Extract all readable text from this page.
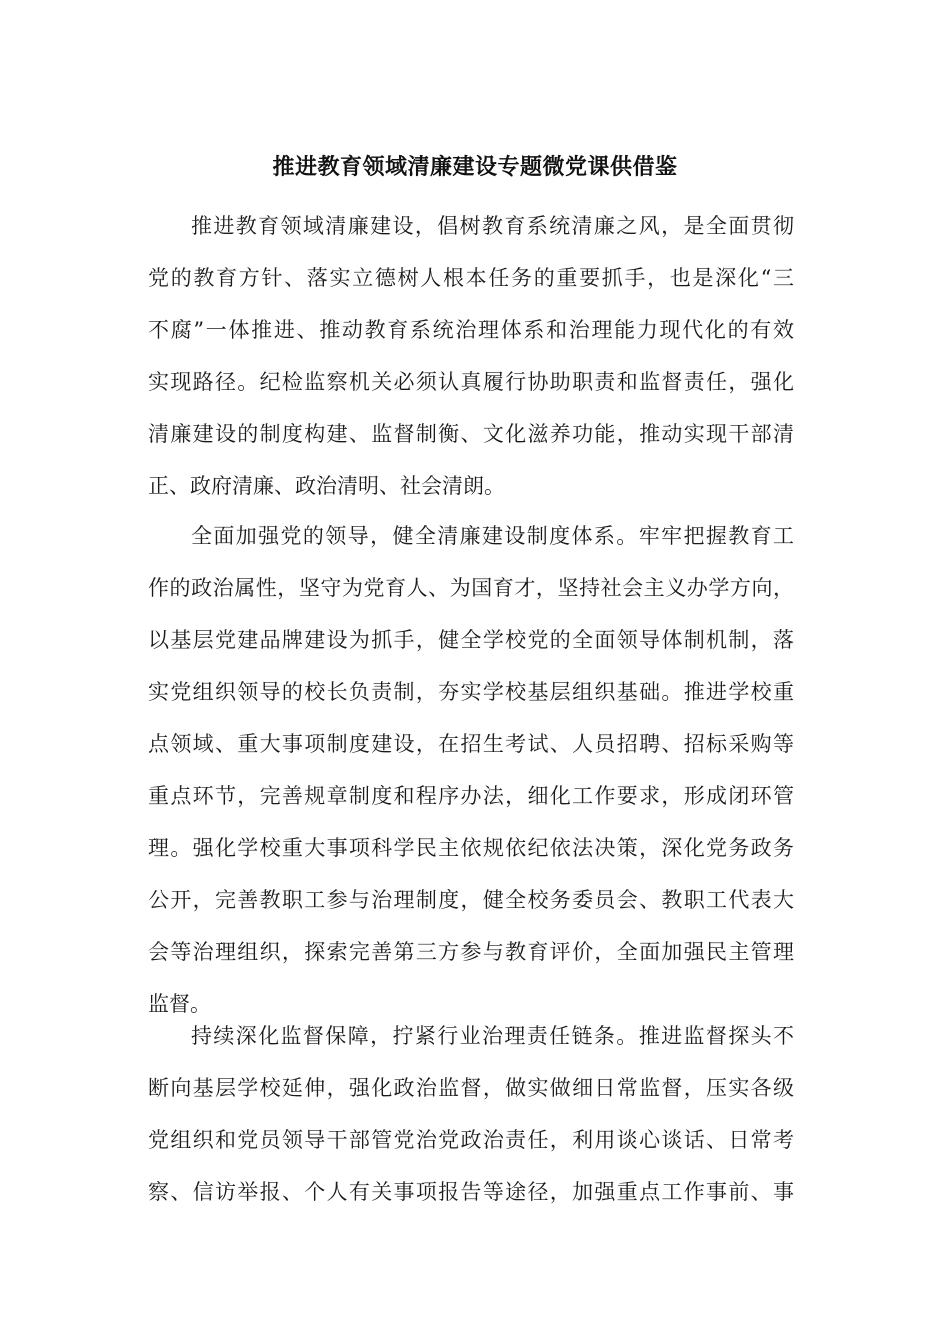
推进教育领域清廉建设专题微党课供借鉴
推进教育领域清廉建设，倡树教育系统清廉之风，是全面贯彻
党的教育方针、落实立德树人根本任务的重要抓手，也是深化“三
不腐”一体推进、推动教育系统治理体系和治理能力现代化的有效
实现路径。纪检监察机关必须认真履行协助职责和监督责任，强化
清廉建设的制度构建、监督制衡、文化滋养功能，推动实现干部清
正、政府清廉、政治清明、社会清朗。
全面加强党的领导，健全清廉建设制度体系。牢牢把握教育工
作的政治属性，坚守为党育人、为国育才，坚持社会主义办学方向，
以基层党建品牌建设为抓手，健全学校党的全面领导体制机制，落
实党组织领导的校长负责制，夯实学校基层组织基础。推进学校重
点领域、重大事项制度建设，在招生考试、人员招聘、招标采购等
重点环节，完善规章制度和程序办法，细化工作要求，形成闭环管
理。强化学校重大事项科学民主依规依纪依法决策，深化党务政务
公开，完善教职工参与治理制度，健全校务委员会、教职工代表大
会等治理组织，探索完善第三方参与教育评价，全面加强民主管理
监督。
持续深化监督保障，拧紧行业治理责任链条。推进监督探头不
断向基层学校延伸，强化政治监督，做实做细日常监督，压实各级
党组织和党员领导干部管党治党政治责任，利用谈心谈话、日常考
察、信访举报、个人有关事项报告等途径，加强重点工作事前、事
